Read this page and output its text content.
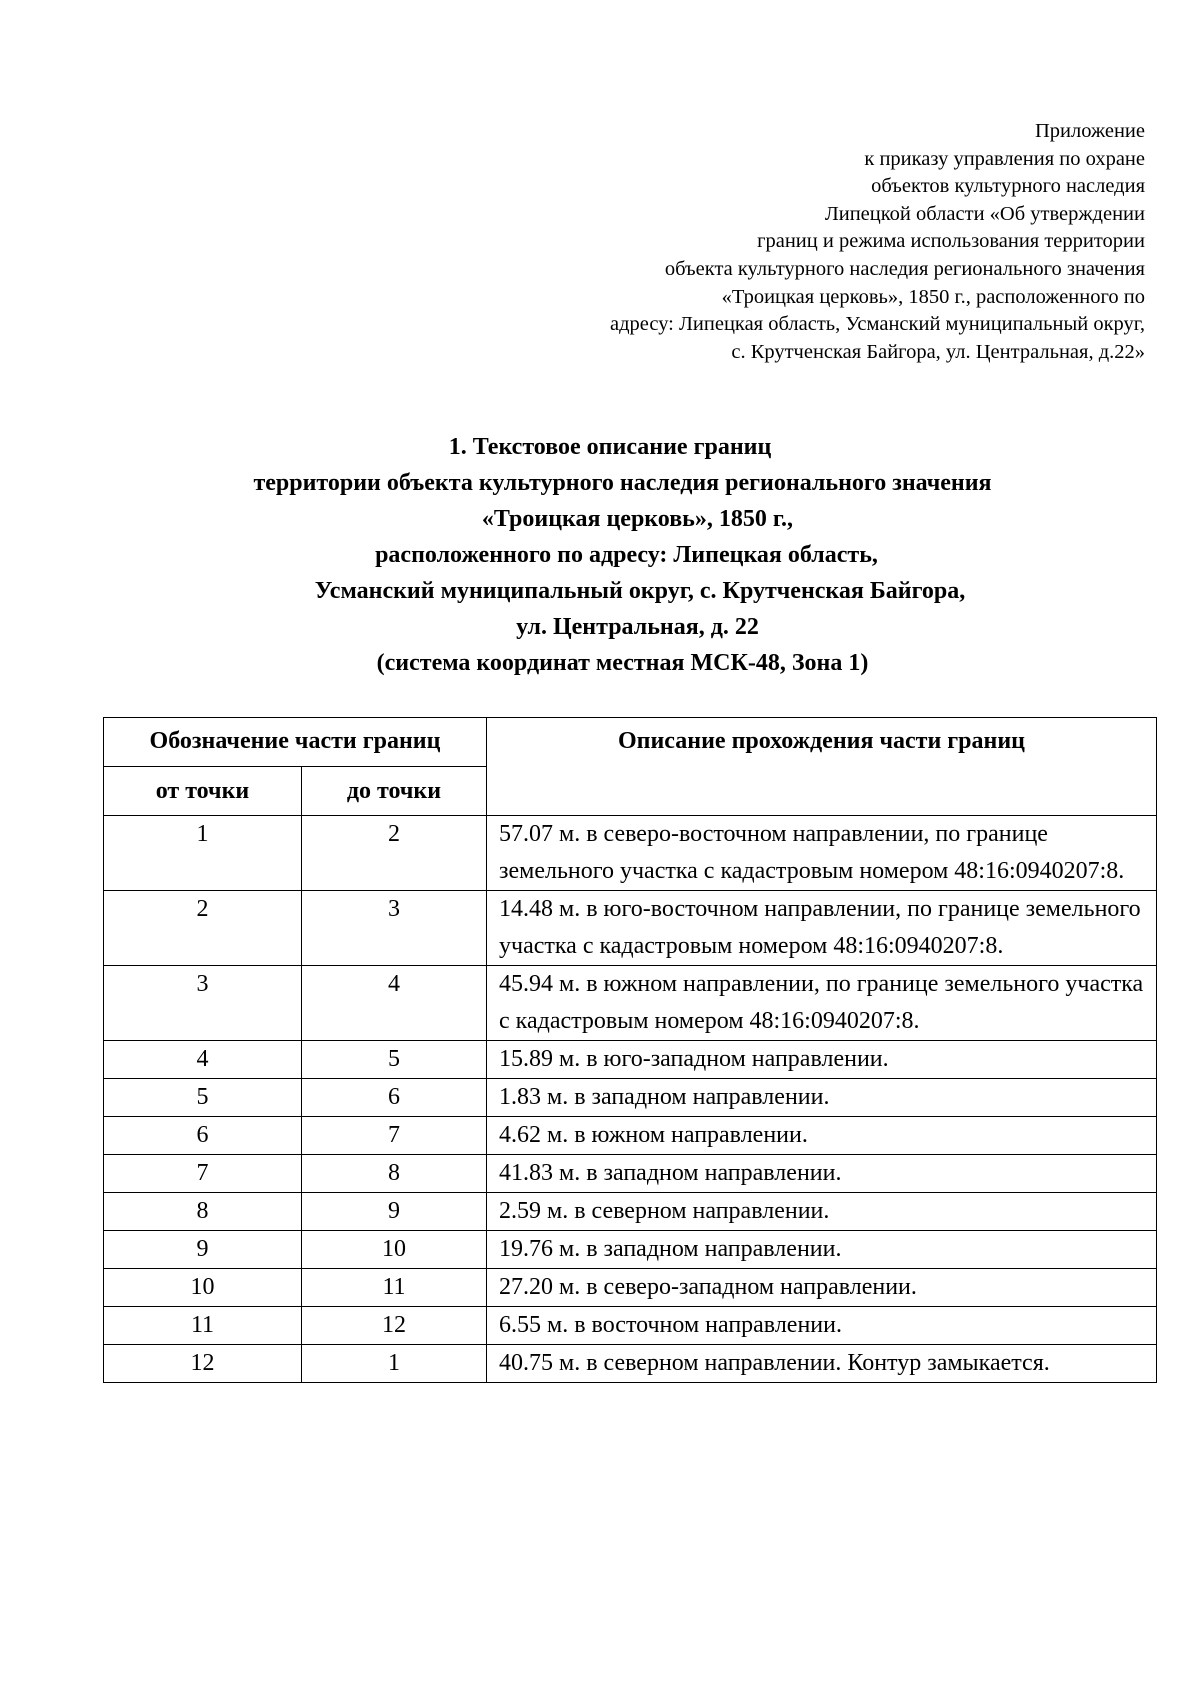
Приложение
к приказу управления по охране
объектов культурного наследия
Липецкой области «Об утверждении
границ и режима использования территории
объекта культурного наследия регионального значения
«Троицкая церковь», 1850 г., расположенного по
адресу: Липецкая область, Усманский муниципальный округ,
с. Крутченская Байгора, ул. Центральная, д.22»
1. Текстовое описание границ
территории объекта культурного наследия регионального значения
«Троицкая церковь», 1850 г.,
расположенного по адресу: Липецкая область,
Усманский муниципальный округ, с. Крутченская Байгора,
ул. Центральная, д. 22
(система координат местная МСК-48, Зона 1)
Обозначение части границ		Описание прохождения части границ
от точки	до точки	
1	2	57.07 м. в северо-восточном направлении, по границе земельного участка с кадастровым номером 48:16:0940207:8.
2	3	14.48 м. в юго-восточном направлении, по границе земельного участка с кадастровым номером 48:16:0940207:8.
3	4	45.94 м. в южном направлении, по границе земельного участка с кадастровым номером 48:16:0940207:8.
4	5	15.89 м. в юго-западном направлении.
5	6	1.83 м. в западном направлении.
6	7	4.62 м. в южном направлении.
7	8	41.83 м. в западном направлении.
8	9	2.59 м. в северном направлении.
9	10	19.76 м. в западном направлении.
10	11	27.20 м. в северо-западном направлении.
11	12	6.55 м. в восточном направлении.
12	1	40.75 м. в северном направлении. Контур замыкается.
